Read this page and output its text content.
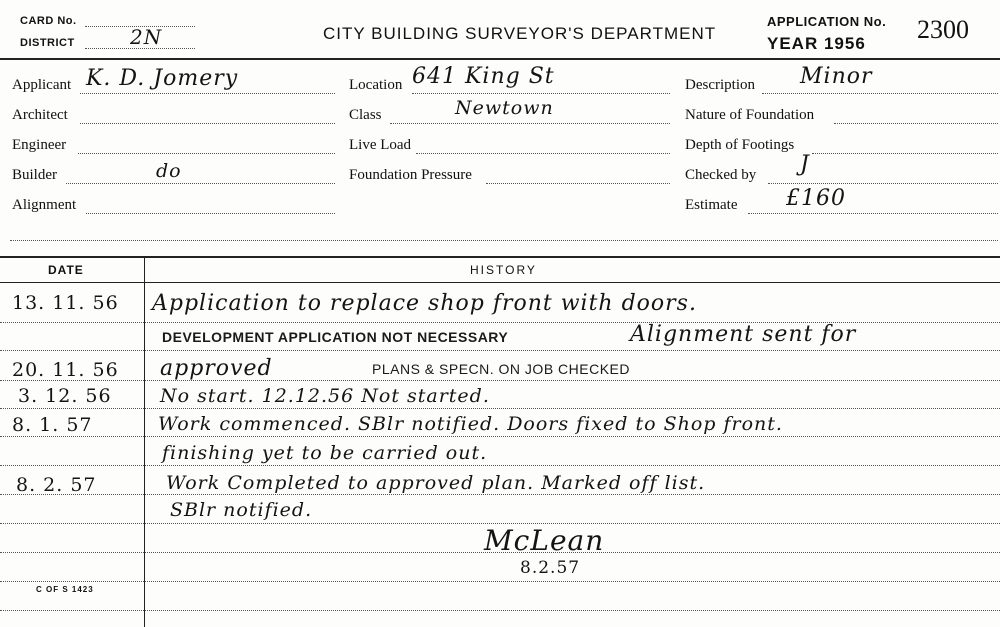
CARD No.
DISTRICT	2N	CITY BUILDING SURVEYOR'S DEPARTMENT
APPLICATION No.
YEAR 1956 2300
Applicant K. D. Jomery
Architect
Engineer
Builder	do
Alignment
Location 641 King St
Class	Newtown
Live Load
Foundation Pressure
Description Minor
Nature of Foundation
Depth of Footings
Checked by J
Estimate £160
DATE	HISTORY
13. 11. 56 Application to replace shop front with doors.
DEVELOPMENT APPLICATION NOT NECESSARY	Alignment sent for
20. 11. 56 approved	PLANS & SPECN. ON JOB CHECKED
3. 12. 56	No start. 12.12.56 Not started.
8. 1. 57	Work commenced. SBlr notified. Doors fixed to Shop front.
finishing yet to be carried out.
8. 2. 57	Work Completed to approved plan. Marked off list.
SBlr notified.
McLean
8.2.57
C OF S 1423
